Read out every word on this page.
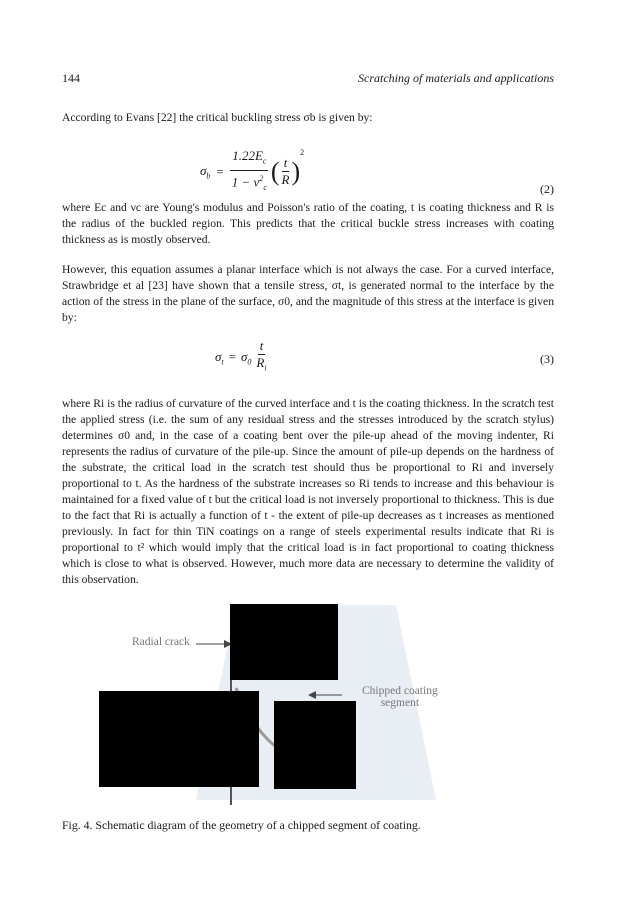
144	Scratching of materials and applications

According to Evans [22] the critical buckling stress σb is given by:

$\sigma_b = \frac{1.22E_c}{1 - \nu^2_c}$ ( $\frac{t}{R}$ )
2
(2)

where Ec and νc are Young's modulus and Poisson's ratio of the coating, t is coating thickness and R is the radius of the buckled region. This predicts that the critical buckle stress increases with coating thickness as is mostly observed.

However, this equation assumes a planar interface which is not always the case. For a curved interface, Strawbridge et al [23] have shown that a tensile stress, σt, is generated normal to the interface by the action of the stress in the plane of the surface, σ0, and the magnitude of this stress at the interface is given by:

$\sigma_t = \sigma_0 \frac{t}{R_i}$	(3)

where Ri is the radius of curvature of the curved interface and t is the coating thickness. In the scratch test the applied stress (i.e. the sum of any residual stress and the stresses introduced by the scratch stylus) determines σ0 and, in the case of a coating bent over the pile-up ahead of the moving indenter, Ri represents the radius of curvature of the pile-up. Since the amount of pile-up depends on the hardness of the substrate, the critical load in the scratch test should thus be proportional to Ri and inversely proportional to t. As the hardness of the substrate increases so Ri tends to increase and this behaviour is maintained for a fixed value of t but the critical load is not inversely proportional to thickness. This is due to the fact that Ri is actually a function of t - the extent of pile-up decreases as t increases as mentioned previously. In fact for thin TiN coatings on a range of steels experimental results indicate that Ri is proportional to t² which would imply that the critical load is in fact proportional to coating thickness which is close to what is observed. However, much more data are necessary to determine the validity of this observation.

Radial crack
Chipped coating
segment
Fig. 4. Schematic diagram of the geometry of a chipped segment of coating.
